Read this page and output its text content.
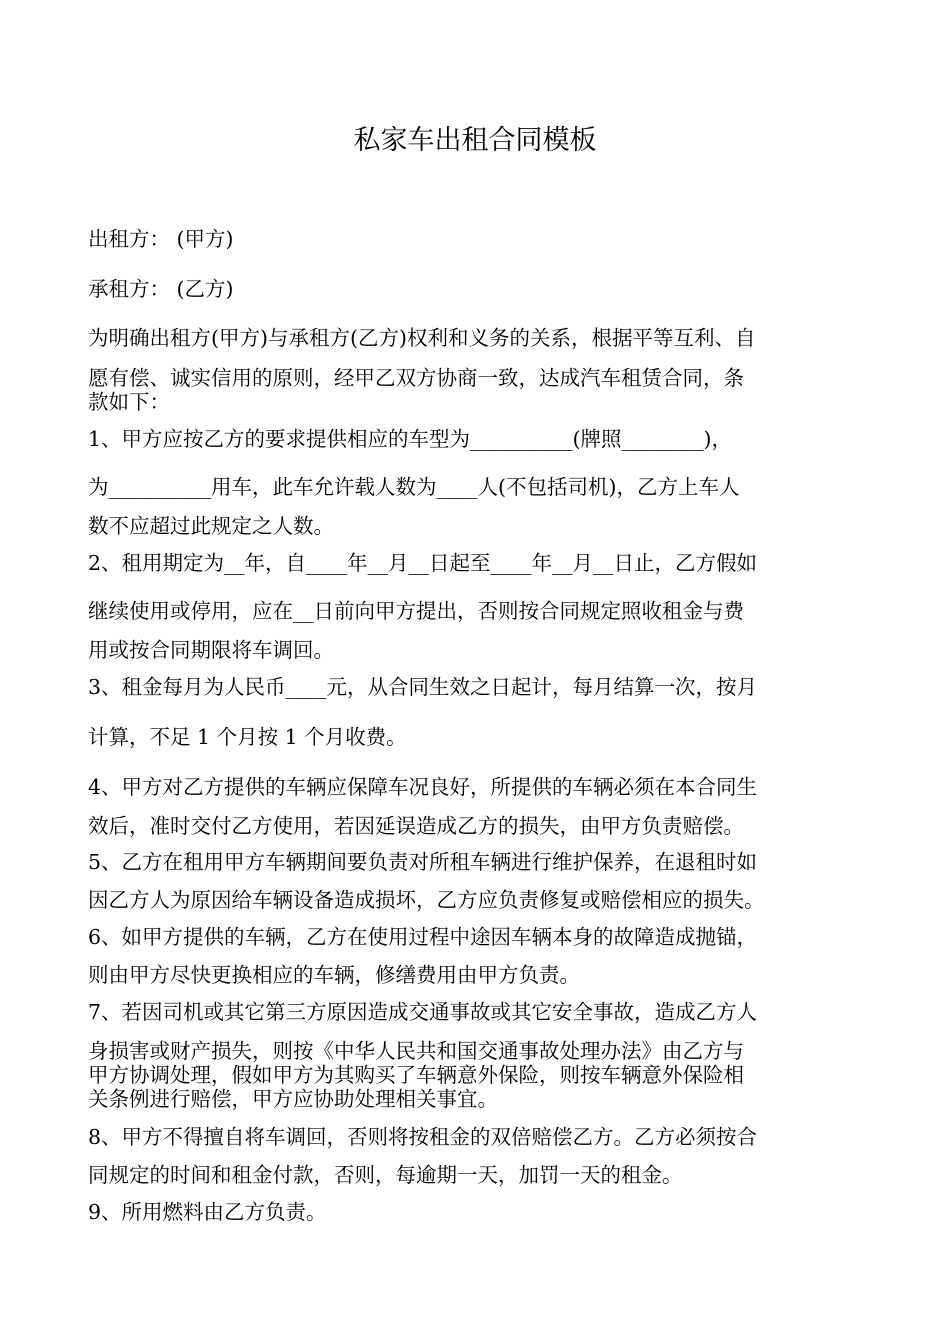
私家车出租合同模板
出租方： (甲方)
承租方： (乙方)
为明确出租方(甲方)与承租方(乙方)权利和义务的关系，根据平等互利、自
愿有偿、诚实信用的原则，经甲乙双方协商一致，达成汽车租赁合同，条
款如下：
1、甲方应按乙方的要求提供相应的车型为__________(牌照________)，
为__________用车，此车允许载人数为____人(不包括司机)，乙方上车人
数不应超过此规定之人数。
2、租用期定为__年，自____年__月__日起至____年__月__日止，乙方假如
继续使用或停用，应在__日前向甲方提出，否则按合同规定照收租金与费
用或按合同期限将车调回。
3、租金每月为人民币____元，从合同生效之日起计，每月结算一次，按月
计算，不足 1 个月按 1 个月收费。
4、甲方对乙方提供的车辆应保障车况良好，所提供的车辆必须在本合同生
效后，准时交付乙方使用，若因延误造成乙方的损失，由甲方负责赔偿。
5、乙方在租用甲方车辆期间要负责对所租车辆进行维护保养，在退租时如
因乙方人为原因给车辆设备造成损坏，乙方应负责修复或赔偿相应的损失。
6、如甲方提供的车辆，乙方在使用过程中途因车辆本身的故障造成抛锚，
则由甲方尽快更换相应的车辆，修缮费用由甲方负责。
7、若因司机或其它第三方原因造成交通事故或其它安全事故，造成乙方人
身损害或财产损失，则按《中华人民共和国交通事故处理办法》由乙方与
甲方协调处理，假如甲方为其购买了车辆意外保险，则按车辆意外保险相
关条例进行赔偿，甲方应协助处理相关事宜。
8、甲方不得擅自将车调回，否则将按租金的双倍赔偿乙方。乙方必须按合
同规定的时间和租金付款，否则，每逾期一天，加罚一天的租金。
9、所用燃料由乙方负责。
